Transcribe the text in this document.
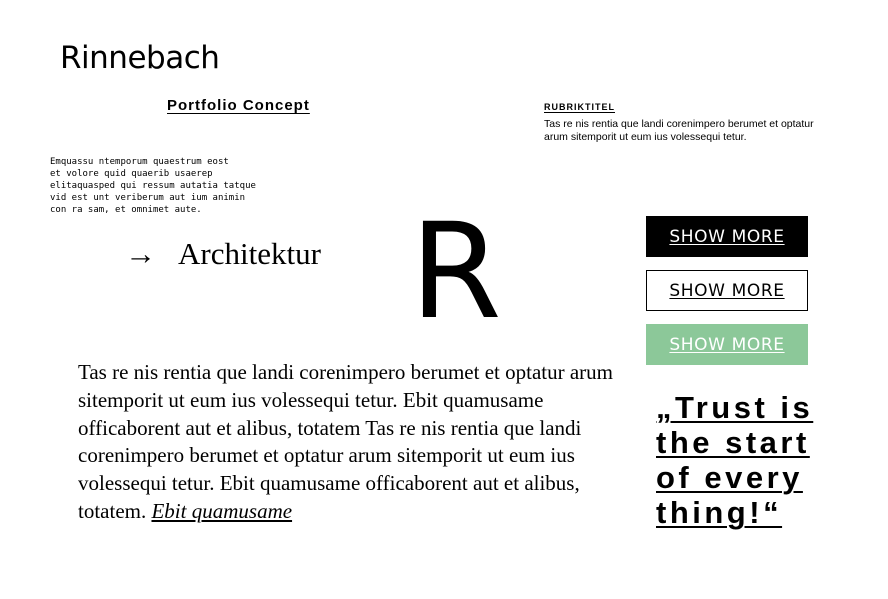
Rinnebach
Portfolio Concept	RUBRIKTITEL
Tas re nis rentia que landi corenimpero berumet et optatur arum sitemporit ut eum ius volessequi tetur.
Emquassu ntemporum quaestrum eost
et volore quid quaerib usaerep
elitaquasped qui ressum autatia tatque
vid est unt veriberum aut ium animin
con ra sam, et omnimet aute.
→ Architektur R	SHOW MORE
SHOW MORE
SHOW MORE
Tas re nis rentia que landi corenimpero berumet et optatur arum sitemporit ut eum ius volessequi tetur. Ebit quamusame officaborent aut et alibus, totatem Tas re nis rentia que landi corenimpero berumet et optatur arum sitemporit ut eum ius volessequi tetur. Ebit quamusame officaborent aut et alibus, totatem. Ebit quamusame
„Trust is
the start
of every
thing!“
